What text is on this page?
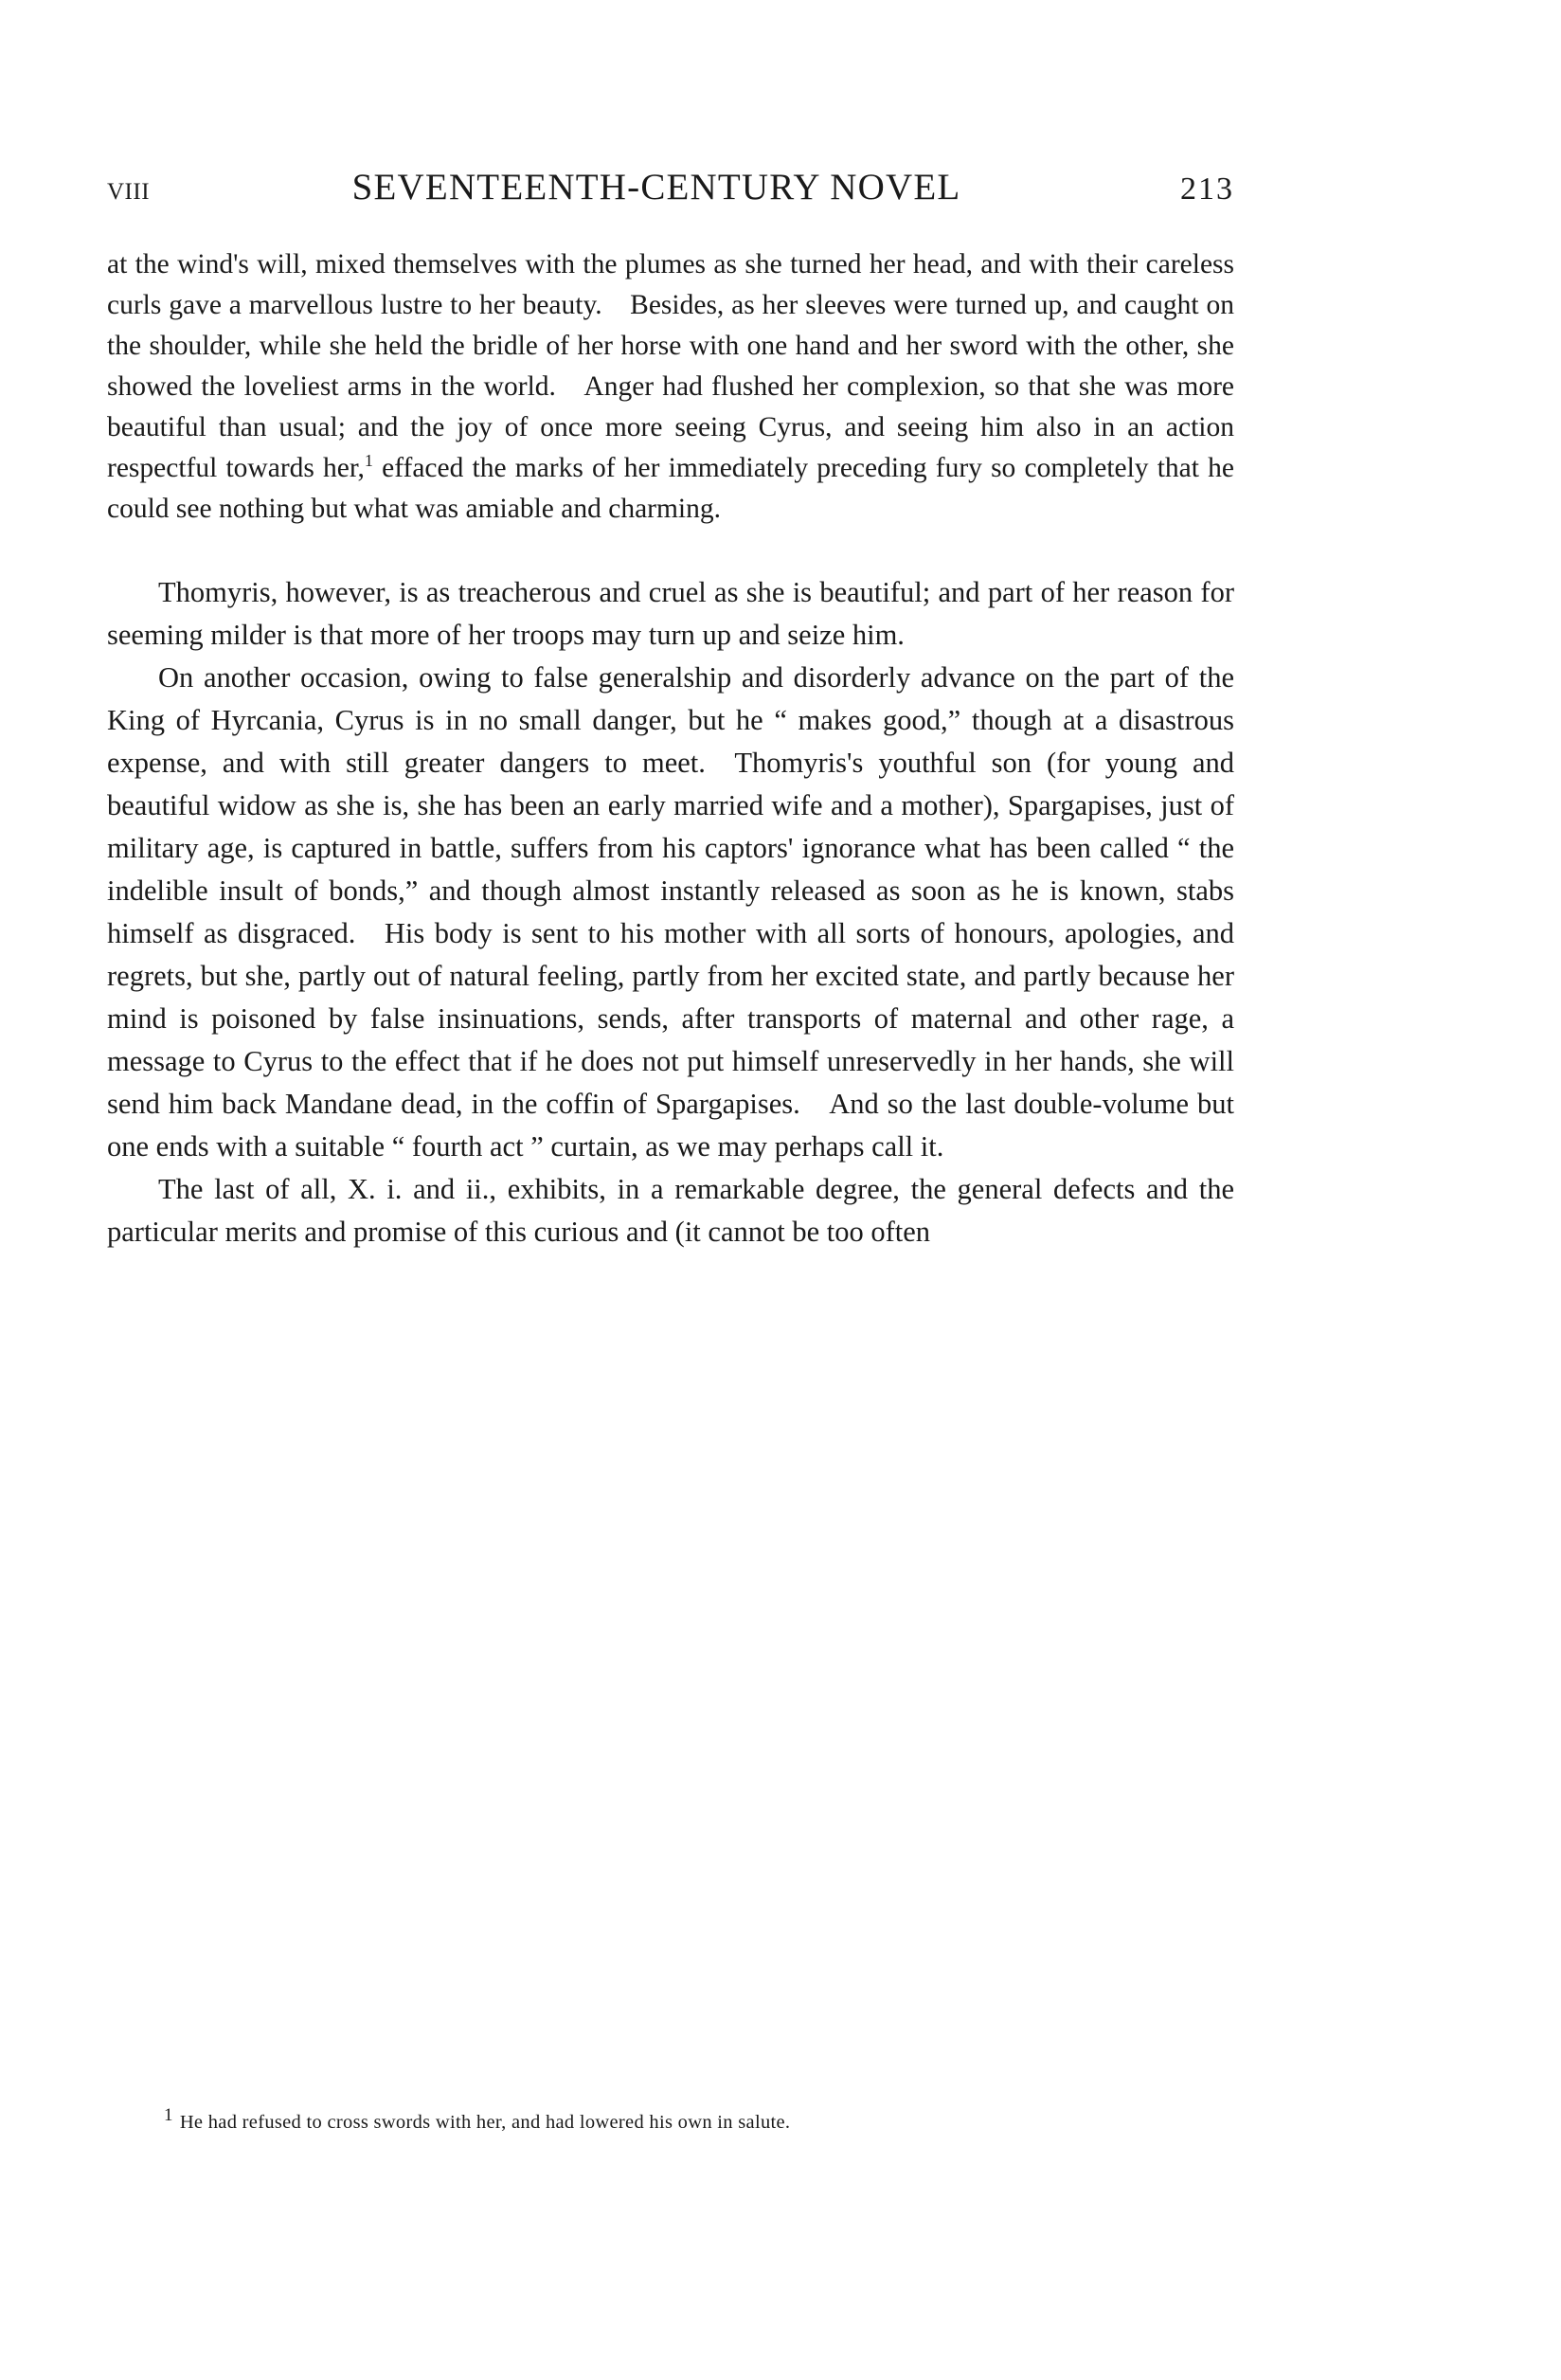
VIII	SEVENTEENTH-CENTURY NOVEL	213

at the wind's will, mixed themselves with the plumes as she turned her head, and with their careless curls gave a marvellous lustre to her beauty. Besides, as her sleeves were turned up, and caught on the shoulder, while she held the bridle of her horse with one hand and her sword with the other, she showed the loveliest arms in the world. Anger had flushed her complexion, so that she was more beautiful than usual; and the joy of once more seeing Cyrus, and seeing him also in an action respectful towards her,$^1$ effaced the marks of her immediately preceding fury so completely that he could see nothing but what was amiable and charming.

Thomyris, however, is as treacherous and cruel as she is beautiful; and part of her reason for seeming milder is that more of her troops may turn up and seize him.

On another occasion, owing to false generalship and disorderly advance on the part of the King of Hyrcania, Cyrus is in no small danger, but he “ makes good,” though at a disastrous expense, and with still greater dangers to meet. Thomyris's youthful son (for young and beautiful widow as she is, she has been an early married wife and a mother), Spargapises, just of military age, is captured in battle, suffers from his captors' ignorance what has been called “ the indelible insult of bonds,” and though almost instantly released as soon as he is known, stabs himself as disgraced. His body is sent to his mother with all sorts of honours, apologies, and regrets, but she, partly out of natural feeling, partly from her excited state, and partly because her mind is poisoned by false insinuations, sends, after transports of maternal and other rage, a message to Cyrus to the effect that if he does not put himself unreservedly in her hands, she will send him back Mandane dead, in the coffin of Spargapises. And so the last double-volume but one ends with a suitable “ fourth act ” curtain, as we may perhaps call it.

The last of all, X. i. and ii., exhibits, in a remarkable degree, the general defects and the particular merits and promise of this curious and (it cannot be too often

1 He had refused to cross swords with her, and had lowered his own in salute.
